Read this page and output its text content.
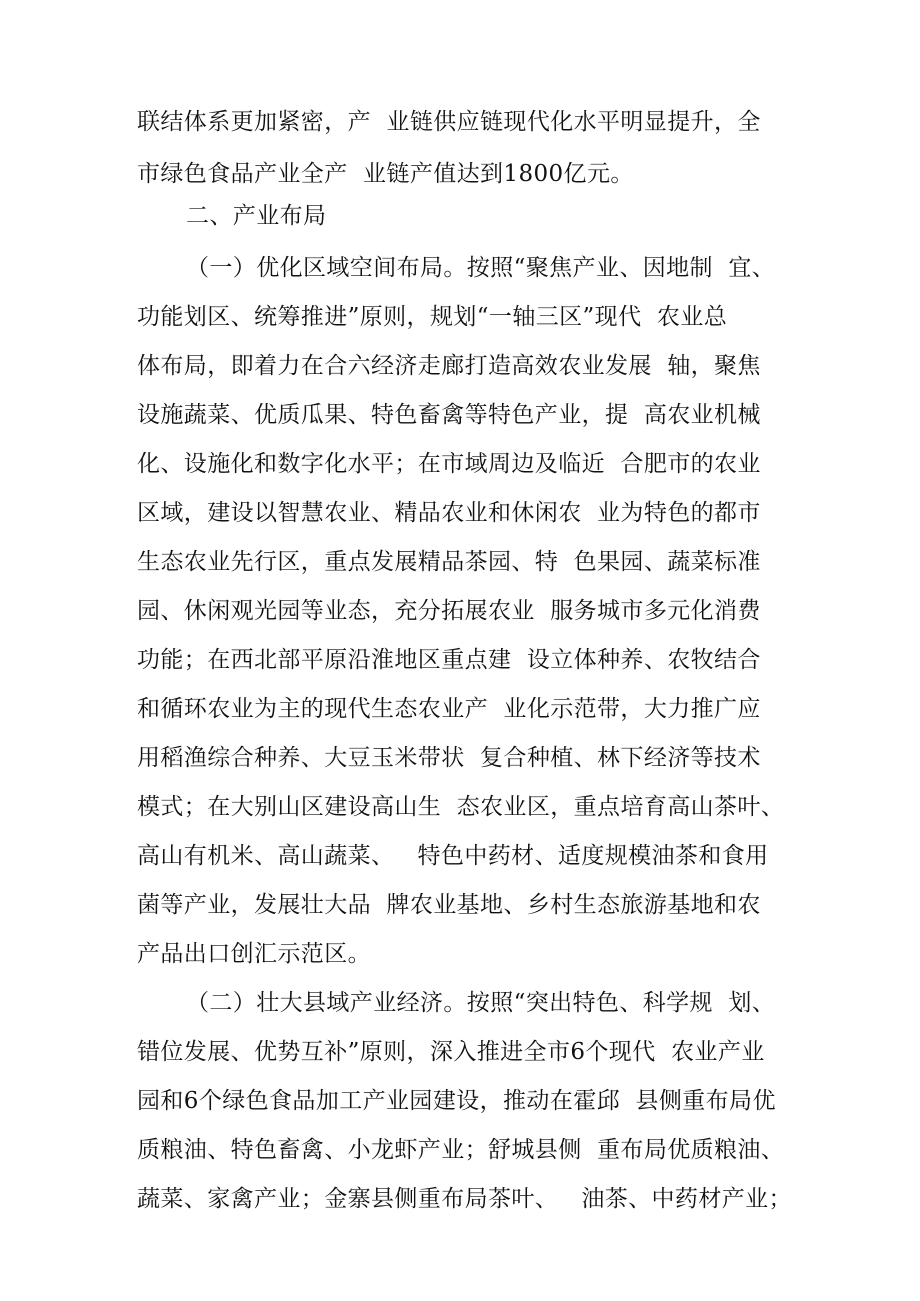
联结体系更加紧密，产  业链供应链现代化水平明显提升，全
市绿色食品产业全产  业链产值达到1800亿元。
二、产业布局
（一）优化区域空间布局。按照“聚焦产业、因地制  宜、
功能划区、统筹推进”原则，规划“一轴三区”现代  农业总
体布局，即着力在合六经济走廊打造高效农业发展  轴，聚焦
设施蔬菜、优质瓜果、特色畜禽等特色产业，提  高农业机械
化、设施化和数字化水平；在市域周边及临近  合肥市的农业
区域，建设以智慧农业、精品农业和休闲农  业为特色的都市
生态农业先行区，重点发展精品茶园、特  色果园、蔬菜标准
园、休闲观光园等业态，充分拓展农业  服务城市多元化消费
功能；在西北部平原沿淮地区重点建  设立体种养、农牧结合
和循环农业为主的现代生态农业产  业化示范带，大力推广应
用稻渔综合种养、大豆玉米带状  复合种植、林下经济等技术
模式；在大别山区建设高山生  态农业区，重点培育高山茶叶、
高山有机米、高山蔬菜、   特色中药材、适度规模油茶和食用
菌等产业，发展壮大品  牌农业基地、乡村生态旅游基地和农
产品出口创汇示范区。
（二）壮大县域产业经济。按照“突出特色、科学规  划、
错位发展、优势互补”原则，深入推进全市6个现代  农业产业
园和6个绿色食品加工产业园建设，推动在霍邱  县侧重布局优
质粮油、特色畜禽、小龙虾产业；舒城县侧  重布局优质粮油、
蔬菜、家禽产业；金寨县侧重布局茶叶、   油茶、中药材产业；
